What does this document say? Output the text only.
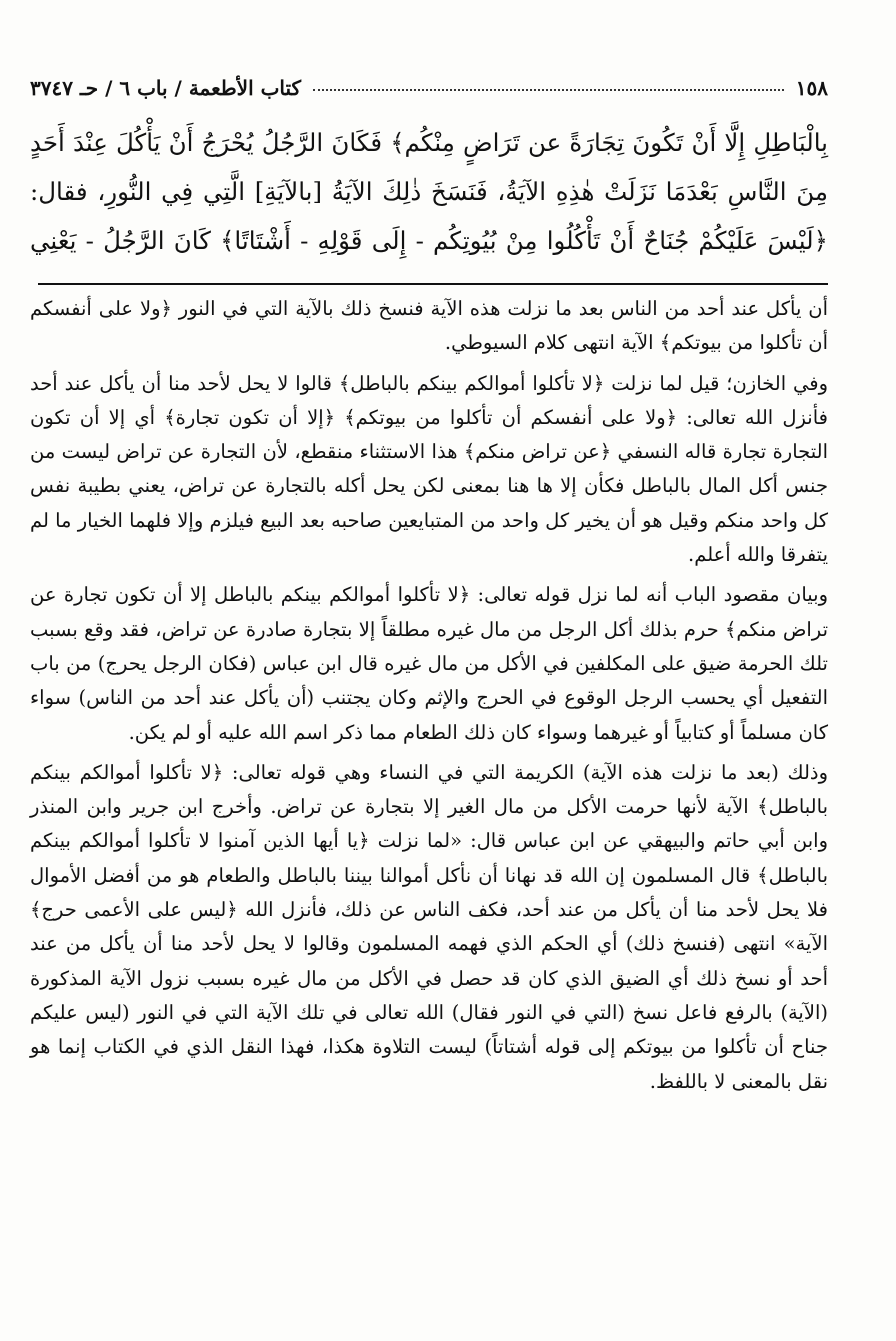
١٥٨
كتاب الأطعمة / باب ٦ / حـ ٣٧٤٧

بِالْبَاطِلِ إِلَّا أَنْ تَكُونَ تِجَارَةً عن تَرَاضٍ مِنْكُم﴾ فَكَانَ الرَّجُلُ يُحْرَجُ أَنْ يَأْكُلَ عِنْدَ أَحَدٍ مِنَ النَّاسِ بَعْدَمَا نَزَلَتْ هٰذِهِ الآيَةُ، فَنَسَخَ ذٰلِكَ الآيَةُ [بالآيَةِ] الَّتِي فِي النُّورِ، فقال: ﴿لَيْسَ عَلَيْكُمْ جُنَاحٌ أَنْ تَأْكُلُوا مِنْ بُيُوتِكُم - إِلَى قَوْلِهِ - أَشْتَاتًا﴾ كَانَ الرَّجُلُ - يَعْنِي

أن يأكل عند أحد من الناس بعد ما نزلت هذه الآية فنسخ ذلك بالآية التي في النور ﴿ولا على أنفسكم أن تأكلوا من بيوتكم﴾ الآية انتهى كلام السيوطي.

وفي الخازن؛ قيل لما نزلت ﴿لا تأكلوا أموالكم بينكم بالباطل﴾ قالوا لا يحل لأحد منا أن يأكل عند أحد فأنزل الله تعالى: ﴿ولا على أنفسكم أن تأكلوا من بيوتكم﴾ ﴿إلا أن تكون تجارة﴾ أي إلا أن تكون التجارة تجارة قاله النسفي ﴿عن تراض منكم﴾ هذا الاستثناء منقطع، لأن التجارة عن تراض ليست من جنس أكل المال بالباطل فكأن إلا ها هنا بمعنى لكن يحل أكله بالتجارة عن تراض، يعني بطيبة نفس كل واحد منكم وقيل هو أن يخير كل واحد من المتبايعين صاحبه بعد البيع فيلزم وإلا فلهما الخيار ما لم يتفرقا والله أعلم.

وبيان مقصود الباب أنه لما نزل قوله تعالى: ﴿لا تأكلوا أموالكم بينكم بالباطل إلا أن تكون تجارة عن تراض منكم﴾ حرم بذلك أكل الرجل من مال غيره مطلقاً إلا بتجارة صادرة عن تراض، فقد وقع بسبب تلك الحرمة ضيق على المكلفين في الأكل من مال غيره قال ابن عباس (فكان الرجل يحرج) من باب التفعيل أي يحسب الرجل الوقوع في الحرج والإثم وكان يجتنب (أن يأكل عند أحد من الناس) سواء كان مسلماً أو كتابياً أو غيرهما وسواء كان ذلك الطعام مما ذكر اسم الله عليه أو لم يكن.

وذلك (بعد ما نزلت هذه الآية) الكريمة التي في النساء وهي قوله تعالى: ﴿لا تأكلوا أموالكم بينكم بالباطل﴾ الآية لأنها حرمت الأكل من مال الغير إلا بتجارة عن تراض. وأخرج ابن جرير وابن المنذر وابن أبي حاتم والبيهقي عن ابن عباس قال: «لما نزلت ﴿يا أيها الذين آمنوا لا تأكلوا أموالكم بينكم بالباطل﴾ قال المسلمون إن الله قد نهانا أن نأكل أموالنا بيننا بالباطل والطعام هو من أفضل الأموال فلا يحل لأحد منا أن يأكل من عند أحد، فكف الناس عن ذلك، فأنزل الله ﴿ليس على الأعمى حرج﴾ الآية» انتهى (فنسخ ذلك) أي الحكم الذي فهمه المسلمون وقالوا لا يحل لأحد منا أن يأكل من عند أحد أو نسخ ذلك أي الضيق الذي كان قد حصل في الأكل من مال غيره بسبب نزول الآية المذكورة (الآية) بالرفع فاعل نسخ (التي في النور فقال) الله تعالى في تلك الآية التي في النور (ليس عليكم جناح أن تأكلوا من بيوتكم إلى قوله أشتاتاً) ليست التلاوة هكذا، فهذا النقل الذي في الكتاب إنما هو نقل بالمعنى لا باللفظ.
